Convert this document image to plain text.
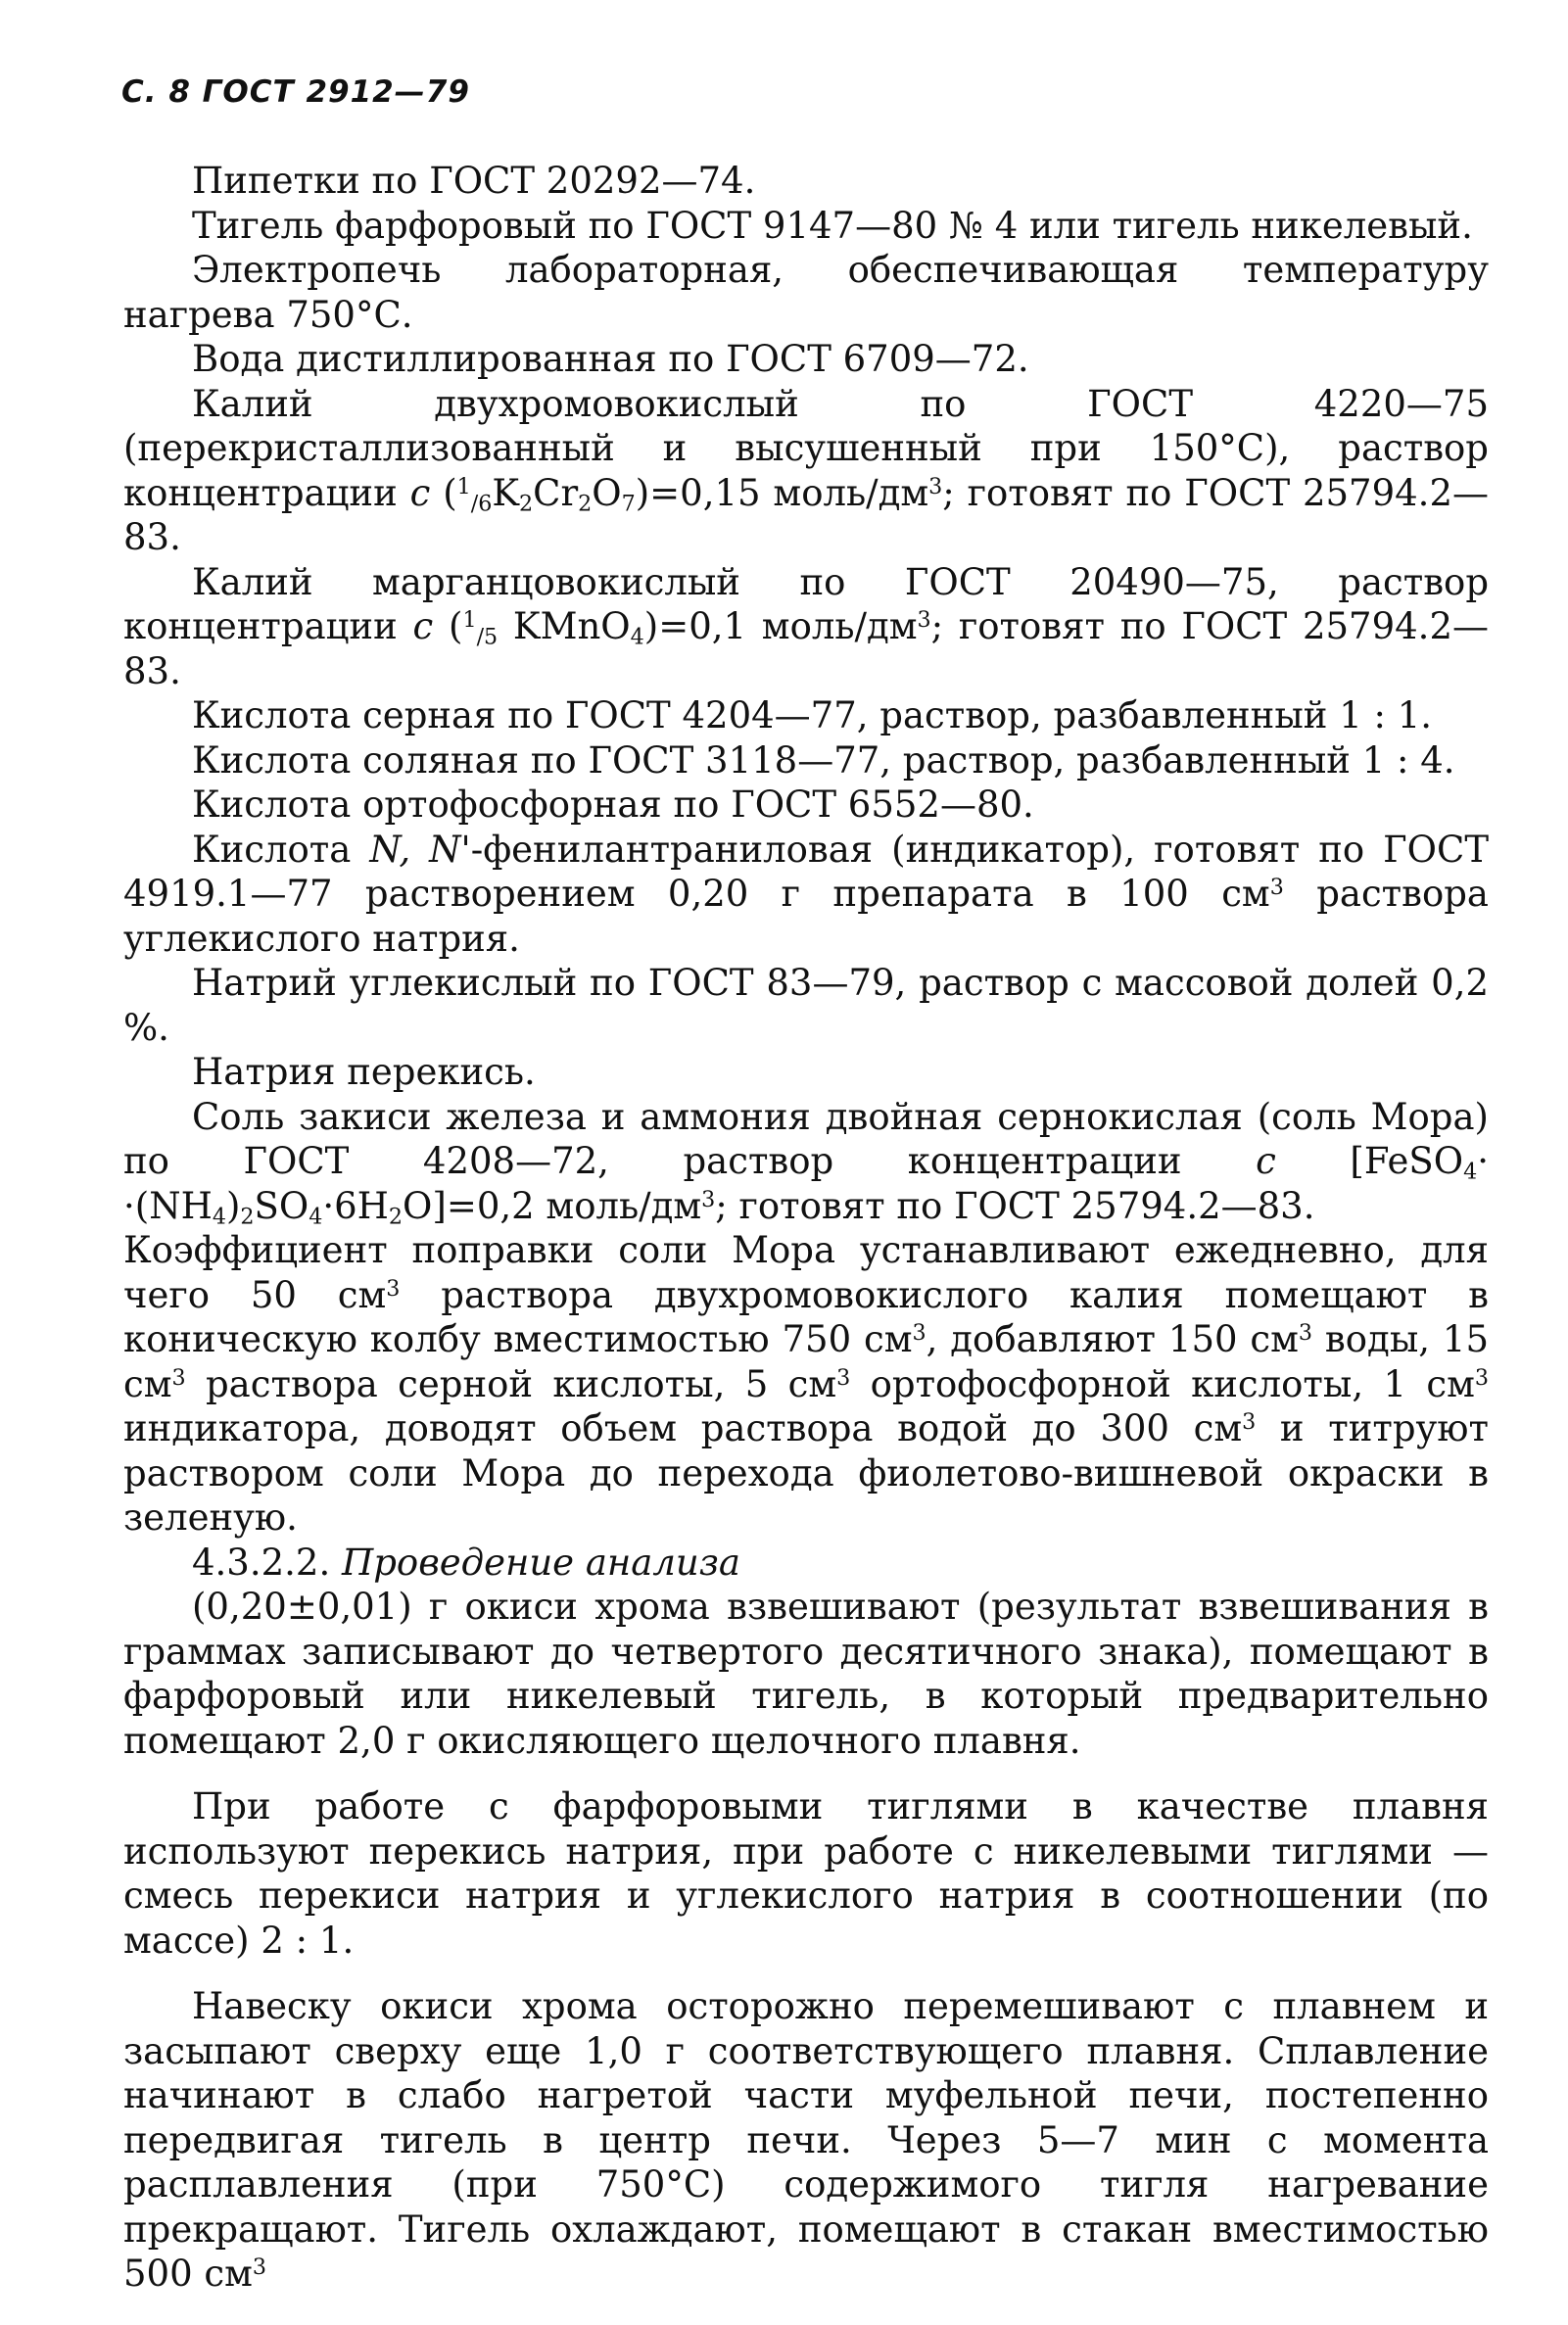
С. 8 ГОСТ 2912—79

Пипетки по ГОСТ 20292—74.

Тигель фарфоровый по ГОСТ 9147—80 № 4 или тигель никелевый.

Электропечь лабораторная, обеспечивающая температуру нагрева 750°С.

Вода дистиллированная по ГОСТ 6709—72.

Калий двухромовокислый по ГОСТ 4220—75 (перекристаллизованный и высушенный при 150°С), раствор концентрации c $(^1_{/6}K_2Cr_2O_7)=0,15$ моль/$дм^3$; готовят по ГОСТ 25794.2—83.

Калий марганцовокислый по ГОСТ 20490—75, раствор концентрации c ($^1_{/5}$ KMnO$_4$)=0,1 моль/$дм^3$; готовят по ГОСТ 25794.2—83.

Кислота серная по ГОСТ 4204—77, раствор, разбавленный 1 : 1.

Кислота соляная по ГОСТ 3118—77, раствор, разбавленный 1 : 4.

Кислота ортофосфорная по ГОСТ 6552—80.

Кислота N, N'-фенилантраниловая (индикатор), готовят по ГОСТ 4919.1—77 растворением 0,20 г препарата в 100 $см^3$ раствора углекислого натрия.

Натрий углекислый по ГОСТ 83—79, раствор с массовой долей 0,2 %.

Натрия перекись.

Соль закиси железа и аммония двойная сернокислая (соль Мора) по ГОСТ 4208—72, раствор концентрации c [FeSO$_4$· $\cdot(NH_4)_2SO_4\cdot 6H_2O]=0,2$ моль/$дм^3$; готовят по ГОСТ 25794.2—83.

Коэффициент поправки соли Мора устанавливают ежедневно, для чего 50 $см^3$ раствора двухромовокислого калия помещают в коническую колбу вместимостью 750 $см^3$, добавляют 150 $см^3$ воды, 15 $см^3$ раствора серной кислоты, 5 $см^3$ ортофосфорной кислоты, 1 $см^3$ индикатора, доводят объем раствора водой до 300 $см^3$ и титруют раствором соли Мора до перехода фиолетово-вишневой окраски в зеленую.

4.3.2.2. Проведение анализа

(0,20±0,01) г окиси хрома взвешивают (результат взвешивания в граммах записывают до четвертого десятичного знака), помещают в фарфоровый или никелевый тигель, в который предварительно помещают 2,0 г окисляющего щелочного плавня.

При работе с фарфоровыми тиглями в качестве плавня используют перекись натрия, при работе с никелевыми тиглями — смесь перекиси натрия и углекислого натрия в соотношении (по массе) 2 : 1.

Навеску окиси хрома осторожно перемешивают с плавнем и засыпают сверху еще 1,0 г соответствующего плавня. Сплавление начинают в слабо нагретой части муфельной печи, постепенно передвигая тигель в центр печи. Через 5—7 мин с момента расплавления (при 750°С) содержимого тигля нагревание прекращают. Тигель охлаждают, помещают в стакан вместимостью 500 $см^3$
